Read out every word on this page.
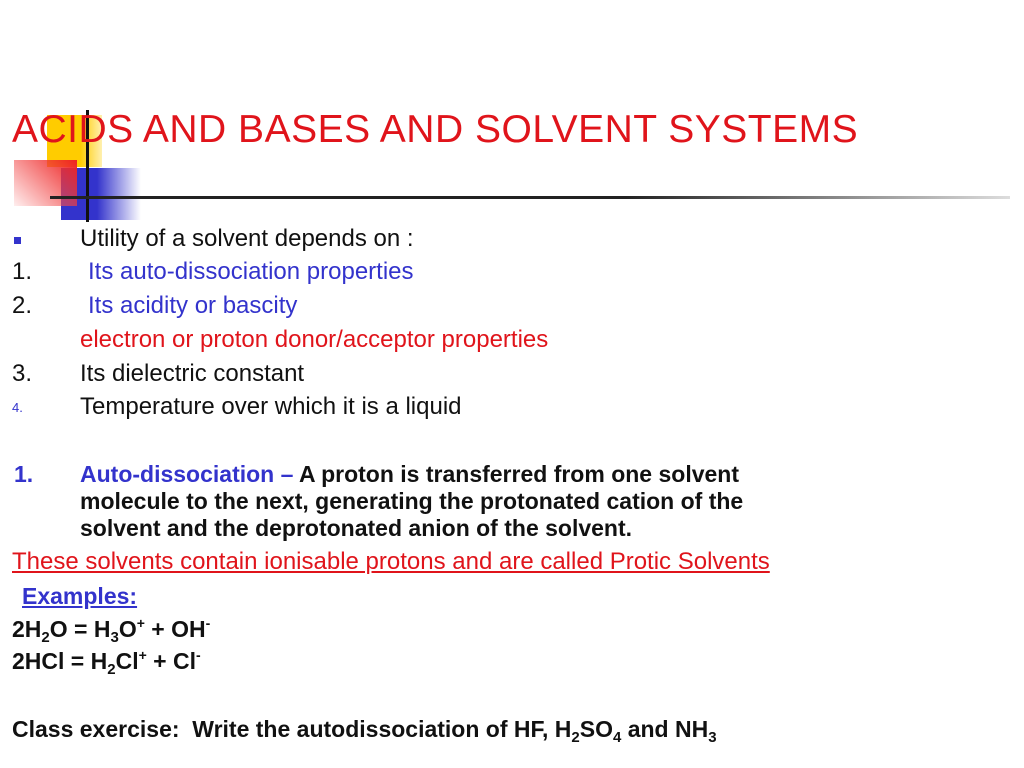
ACIDS AND BASES AND SOLVENT SYSTEMS
Utility of a solvent depends on :
1. Its auto-dissociation properties
2. Its acidity or bascity
electron or proton donor/acceptor properties
3. Its dielectric constant
4. Temperature over which it is a liquid
1. Auto-dissociation – A proton is transferred from one solvent
molecule to the next, generating the protonated cation of the
solvent and the deprotonated anion of the solvent.
These solvents contain ionisable protons and are called Protic Solvents
Examples:
$2H_2O = H_3O^+ + OH^-$
$2HCl = H_2Cl^+ + Cl^-$
Class exercise: Write the autodissociation of HF, $H_2SO_4$ and $NH_3$
